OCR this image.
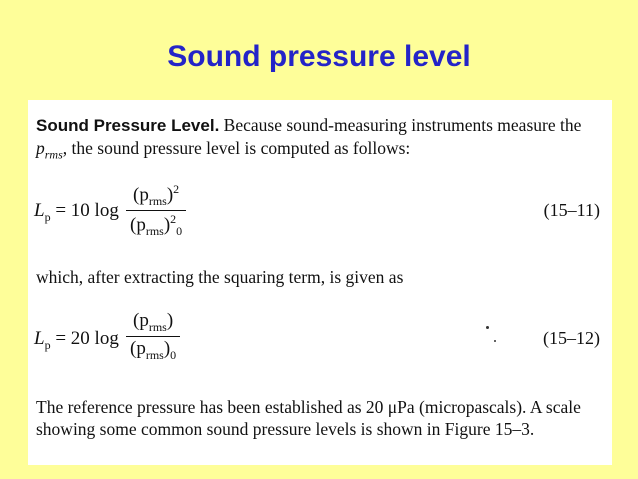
Sound pressure level
Sound Pressure Level. Because sound-measuring instruments measure the $p_{rms}$, the sound pressure level is computed as follows:
$L_p = 10$ log
$(p_{rms})^2$
$(p_{rms})^2_0$
(15–11)
which, after extracting the squaring term, is given as
$L_p = 20$ log
$(p_{rms})$
$(p_{rms})_0$
(15–12)
The reference pressure has been established as 20 μPa (micropascals). A scale showing some common sound pressure levels is shown in Figure 15–3.
